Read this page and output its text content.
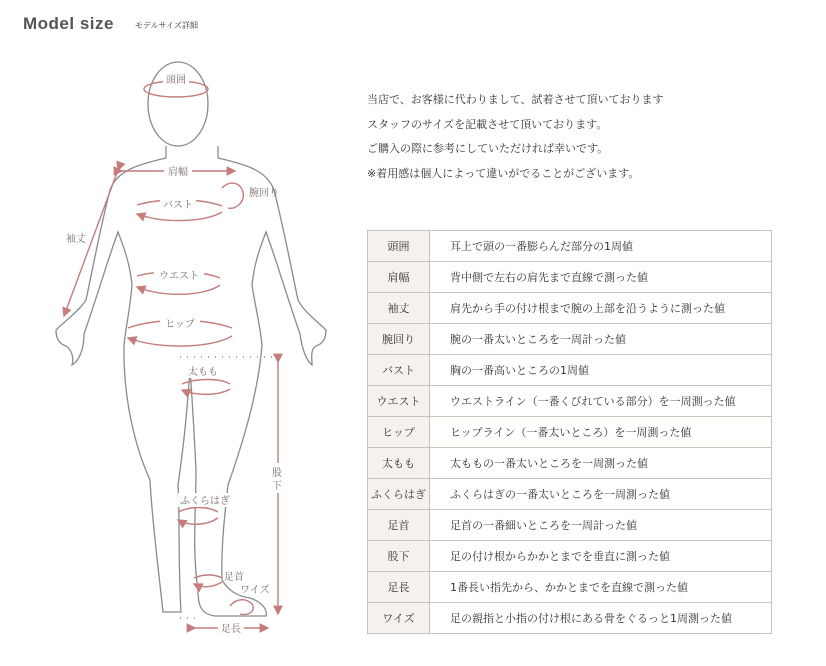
Model size	モデルサイズ詳細
頭囲
肩幅
腕回り
袖丈
バスト
ウエスト
ヒップ
太もも
ふくらはぎ
股
下
足首
ワイズ
足長

当店で、お客様に代わりまして、試着させて頂いております

スタッフのサイズを記載させて頂いております。

ご購入の際に参考にしていただければ幸いです。

※着用感は個人によって違いがでることがございます。

頭囲	耳上で頭の一番膨らんだ部分の1周値
肩幅	背中側で左右の肩先まで直線で測った値
袖丈	肩先から手の付け根まで腕の上部を沿うように測った値
腕回り	腕の一番太いところを一周計った値
バスト	胸の一番高いところの1周値
ウエスト	ウエストライン（一番くびれている部分）を一周測った値
ヒップ	ヒップライン（一番太いところ）を一周測った値
太もも	太ももの一番太いところを一周測った値
ふくらはぎ	ふくらはぎの一番太いところを一周測った値
足首	足首の一番細いところを一周計った値
股下	足の付け根からかかとまでを垂直に測った値
足長	1番長い指先から、かかとまでを直線で測った値
ワイズ	足の親指と小指の付け根にある骨をぐるっと1周測った値
